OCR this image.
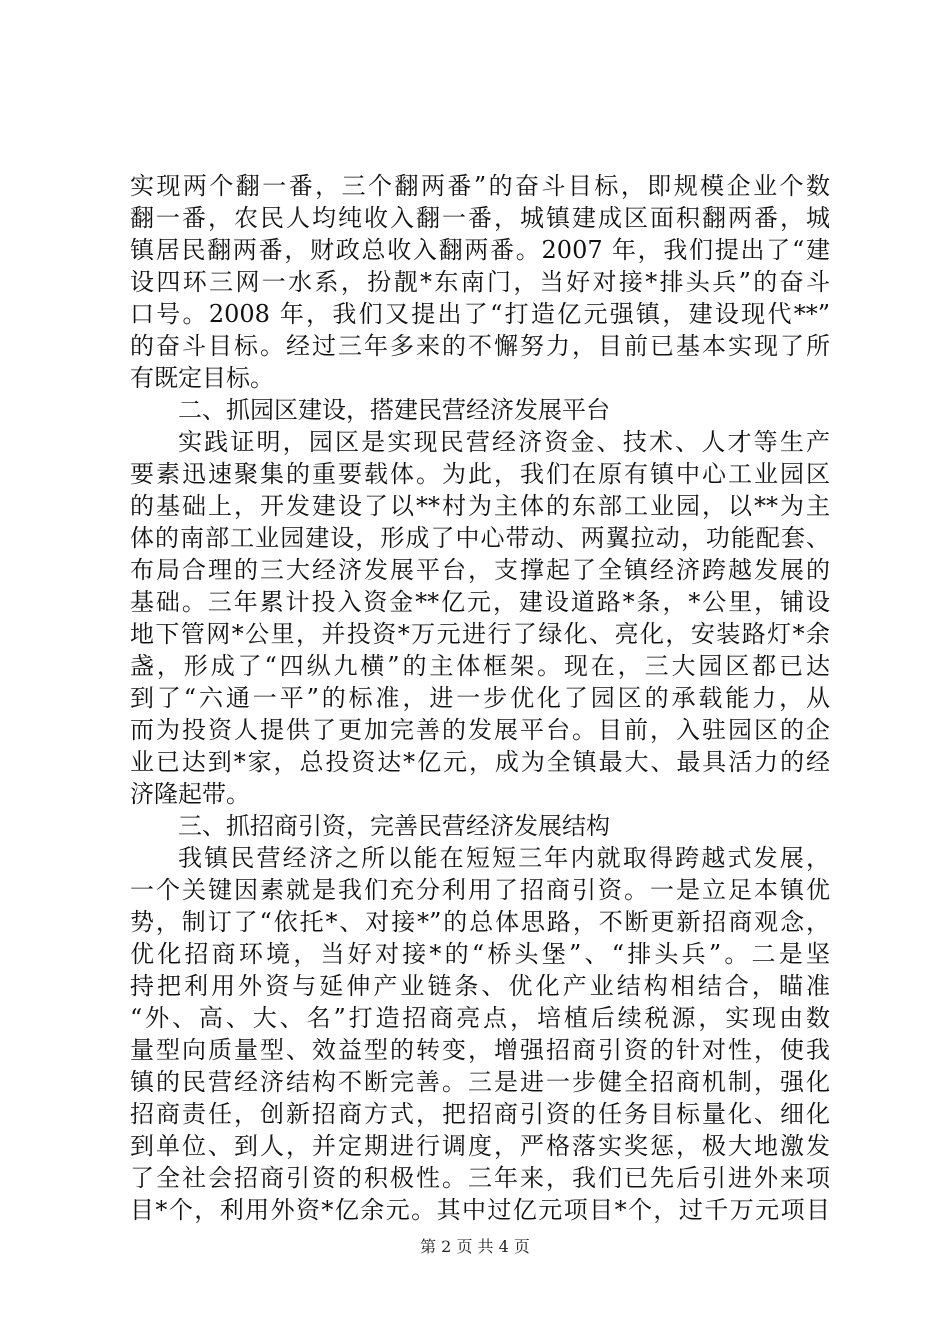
实现两个翻一番，三个翻两番”的奋斗目标，即规模企业个数
翻一番，农民人均纯收入翻一番，城镇建成区面积翻两番，城
镇居民翻两番，财政总收入翻两番。2007 年，我们提出了“建
设四环三网一水系，扮靓*东南门，当好对接*排头兵”的奋斗
口号。2008 年，我们又提出了“打造亿元强镇，建设现代**”
的奋斗目标。经过三年多来的不懈努力，目前已基本实现了所
有既定目标。
二、抓园区建设，搭建民营经济发展平台
实践证明，园区是实现民营经济资金、技术、人才等生产
要素迅速聚集的重要载体。为此，我们在原有镇中心工业园区
的基础上，开发建设了以**村为主体的东部工业园，以**为主
体的南部工业园建设，形成了中心带动、两翼拉动，功能配套、
布局合理的三大经济发展平台，支撑起了全镇经济跨越发展的
基础。三年累计投入资金**亿元，建设道路*条，*公里，铺设
地下管网*公里，并投资*万元进行了绿化、亮化，安装路灯*余
盏，形成了“四纵九横”的主体框架。现在，三大园区都已达
到了“六通一平”的标准，进一步优化了园区的承载能力，从
而为投资人提供了更加完善的发展平台。目前，入驻园区的企
业已达到*家，总投资达*亿元，成为全镇最大、最具活力的经
济隆起带。
三、抓招商引资，完善民营经济发展结构
我镇民营经济之所以能在短短三年内就取得跨越式发展，
一个关键因素就是我们充分利用了招商引资。一是立足本镇优
势，制订了“依托*、对接*”的总体思路，不断更新招商观念，
优化招商环境，当好对接*的“桥头堡”、“排头兵”。二是坚
持把利用外资与延伸产业链条、优化产业结构相结合，瞄准
“外、高、大、名”打造招商亮点，培植后续税源，实现由数
量型向质量型、效益型的转变，增强招商引资的针对性，使我
镇的民营经济结构不断完善。三是进一步健全招商机制，强化
招商责任，创新招商方式，把招商引资的任务目标量化、细化
到单位、到人，并定期进行调度，严格落实奖惩，极大地激发
了全社会招商引资的积极性。三年来，我们已先后引进外来项
目*个，利用外资*亿余元。其中过亿元项目*个，过千万元项目
第 2 页 共 4 页
